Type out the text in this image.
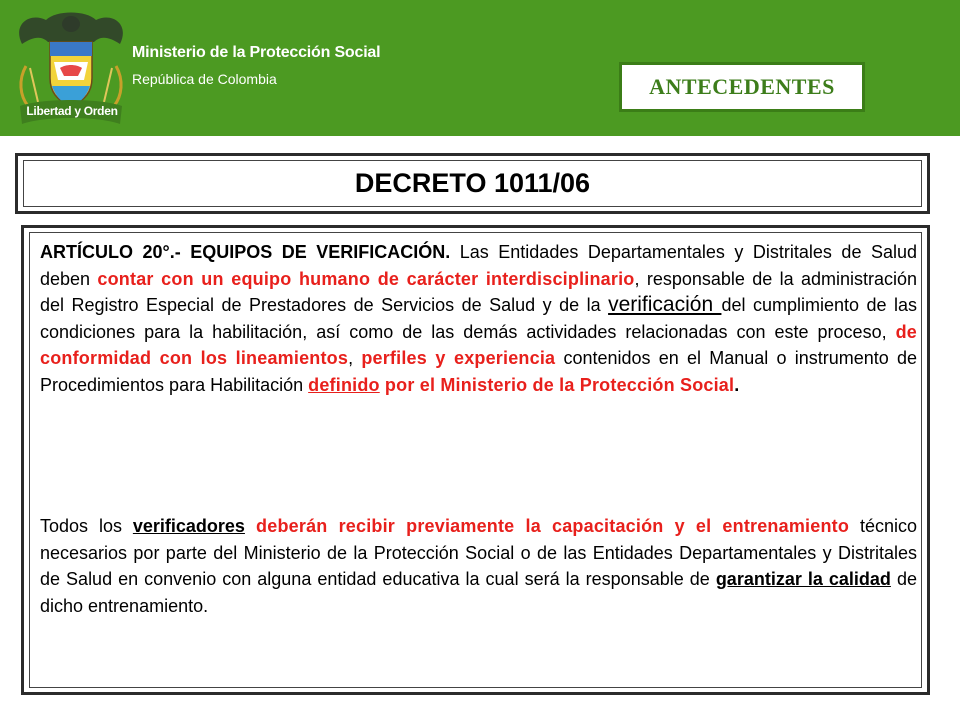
Libertad y Orden
Ministerio de la Protección Social
República de Colombia	ANTECEDENTES
DECRETO 1011/06

ARTÍCULO 20°.- EQUIPOS DE VERIFICACIÓN. Las Entidades Departamentales y Distritales de Salud deben contar con un equipo humano de carácter interdisciplinario, responsable de la administración del Registro Especial de Prestadores de Servicios de Salud y de la verificación del cumplimiento de las condiciones para la habilitación, así como de las demás actividades relacionadas con este proceso, de conformidad con los lineamientos, perfiles y experiencia contenidos en el Manual o instrumento de Procedimientos para Habilitación definido por el Ministerio de la Protección Social.

Todos los verificadores deberán recibir previamente la capacitación y el entrenamiento técnico necesarios por parte del Ministerio de la Protección Social o de las Entidades Departamentales y Distritales de Salud en convenio con alguna entidad educativa la cual será la responsable de garantizar la calidad de dicho entrenamiento.
